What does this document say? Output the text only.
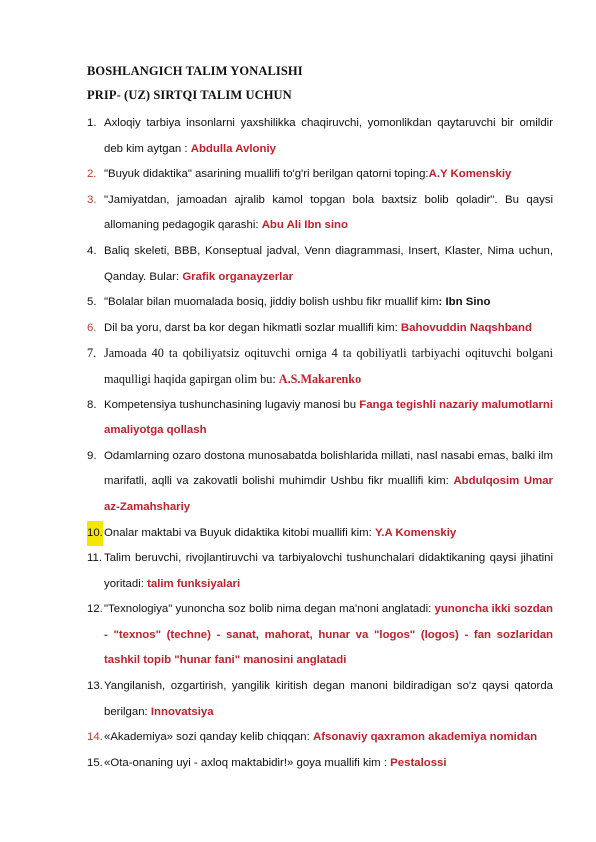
BOSHLANGICH TALIM YONALISHI
PRIP- (UZ) SIRTQI TALIM UCHUN
1. Axloqiy tarbiya insonlarni yaxshilikka chaqiruvchi, yomonlikdan qaytaruvchi bir omildir deb kim aytgan : Abdulla Avloniy
2. "Buyuk didaktika" asarining muallifi to'g'ri berilgan qatorni toping:A.Y Komenskiy
3. "Jamiyatdan, jamoadan ajralib kamol topgan bola baxtsiz bolib qoladir". Bu qaysi allomaning pedagogik qarashi: Abu Ali Ibn sino
4. Baliq skeleti, BBB, Konseptual jadval, Venn diagrammasi, Insert, Klaster, Nima uchun, Qanday. Bular: Grafik organayzerlar
5. "Bolalar bilan muomalada bosiq, jiddiy bolish ushbu fikr muallif kim: Ibn Sino
6. Dil ba yoru, darst ba kor degan hikmatli sozlar muallifi kim: Bahovuddin Naqshband
7. Jamoada 40 ta qobiliyatsiz oqituvchi orniga 4 ta qobiliyatli tarbiyachi oqituvchi bolgani maqulligi haqida gapirgan olim bu: A.S.Makarenko
8. Kompetensiya tushunchasining lugaviy manosi bu Fanga tegishli nazariy malumotlarni amaliyotga qollash
9. Odamlarning ozaro dostona munosabatda bolishlarida millati, nasl nasabi emas, balki ilm marifatli, aqlli va zakovatli bolishi muhimdir Ushbu fikr muallifi kim: Abdulqosim Umar az-Zamahshariy
10. Onalar maktabi va Buyuk didaktika kitobi muallifi kim: Y.A Komenskiy
11. Talim beruvchi, rivojlantiruvchi va tarbiyalovchi tushunchalari didaktikaning qaysi jihatini yoritadi: talim funksiyalari
12. "Texnologiya" yunoncha soz bolib nima degan ma'noni anglatadi: yunoncha ikki sozdan - "texnos" (techne) - sanat, mahorat, hunar va "logos" (logos) - fan sozlaridan tashkil topib "hunar fani" manosini anglatadi
13. Yangilanish, ozgartirish, yangilik kiritish degan manoni bildiradigan so'z qaysi qatorda berilgan: Innovatsiya
14. «Akademiya» sozi qanday kelib chiqqan: Afsonaviy qaxramon akademiya nomidan
15. «Ota-onaning uyi - axloq maktabidir!» goya muallifi kim : Pestalossi
